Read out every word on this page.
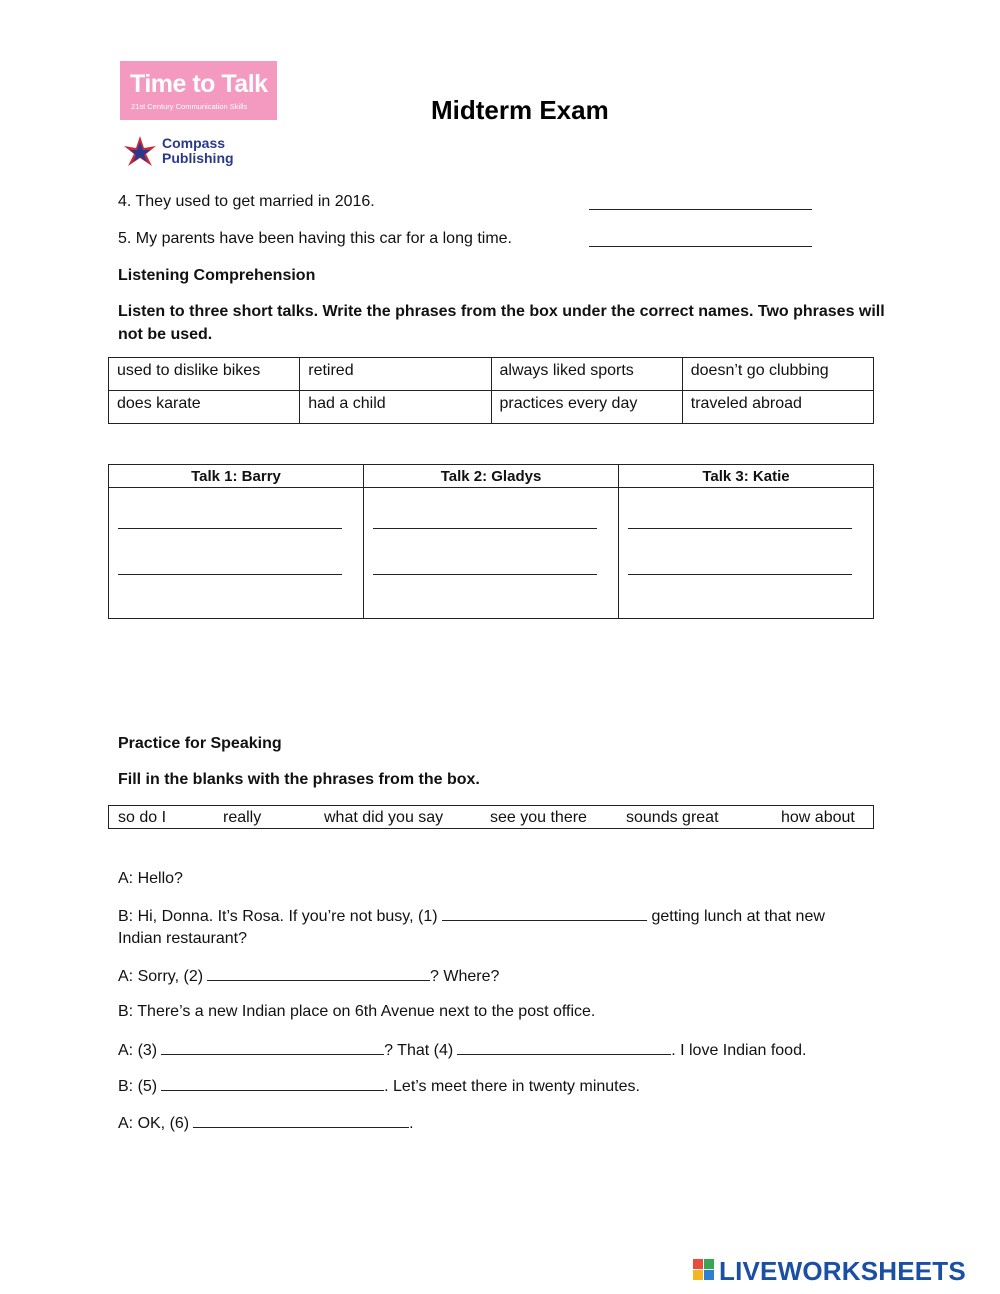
Time to Talk
21st Century Communication Skills
Compass
Publishing
Midterm Exam
4. They used to get married in 2016.
5. My parents have been having this car for a long time.
Listening Comprehension
Listen to three short talks. Write the phrases from the box under the correct names. Two phrases will
not be used.
used to dislike bikes	retired	always liked sports	doesn’t go clubbing
does karate	had a child	practices every day	traveled abroad
Talk 1: Barry	Talk 2: Gladys	Talk 3: Katie

Practice for Speaking
Fill in the blanks with the phrases from the box.
so do I	really	what did you say	see you there sounds great	how about
A: Hello?
B: Hi, Donna. It’s Rosa. If you’re not busy, (1)	getting lunch at that new
Indian restaurant?
A: Sorry, (2)	? Where?
B: There’s a new Indian place on 6th Avenue next to the post office.
A: (3)	? That (4)	. I love Indian food.
B: (5)	. Let’s meet there in twenty minutes.
A: OK, (6)	.
LIVEWORKSHEETS
